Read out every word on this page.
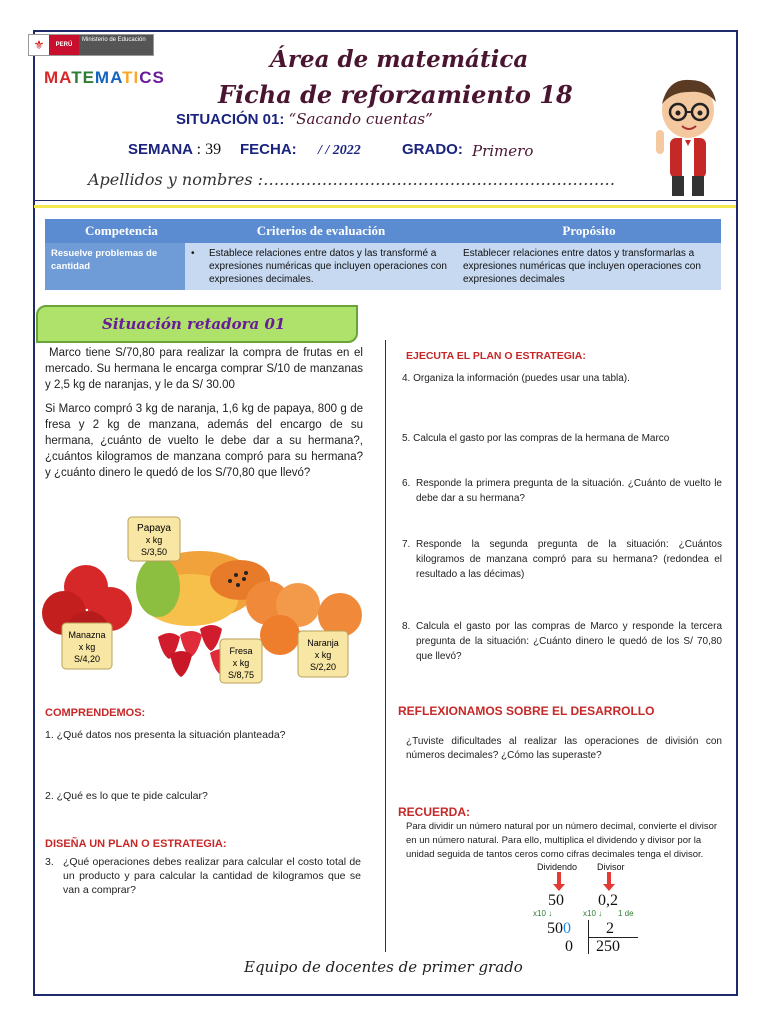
⚜	PERÚ
Ministerio de Educación
MATEMATICS
Área de matemática
Ficha de reforzamiento 18
SITUACIÓN 01: “Sacando cuentas”
SEMANA : 39 FECHA: / / 2022	GRADO: Primero
Apellidos y nombres :…………………………………………………………
Competencia	Criterios de evaluación	Propósito
Resuelve problemas de cantidad	• Establece relaciones entre datos y las transformé a expresiones numéricas que incluyen operaciones con expresiones decimales.	Establecer relaciones entre datos y transformarlas a expresiones numéricas que incluyen operaciones con expresiones decimales
Situación retadora 01
Marco tiene S/70,80 para realizar la compra de frutas en el mercado. Su hermana le encarga comprar S/10 de manzanas y 2,5 kg de naranjas, y le da S/ 30.00
Si Marco compró 3 kg de naranja, 1,6 kg de papaya, 800 g de fresa y 2 kg de manzana, además del encargo de su hermana, ¿cuánto de vuelto le debe dar a su hermana?, ¿cuántos kilogramos de manzana compró para su hermana? y ¿cuánto dinero le quedó de los S/70,80 que llevó?
Papaya
x kg
S/3,50
Manazna
x kg
S/4,20
Fresa
x kg
S/8,75
Naranja
x kg
S/2,20
COMPRENDEMOS:
1. ¿Qué datos nos presenta la situación planteada?
2. ¿Qué es lo que te pide calcular?
DISEÑA UN PLAN O ESTRATEGIA:
3. ¿Qué operaciones debes realizar para calcular el costo total de un producto y para calcular la cantidad de kilogramos que se van a comprar?
EJECUTA EL PLAN O ESTRATEGIA:
4. Organiza la información (puedes usar una tabla).
5. Calcula el gasto por las compras de la hermana de Marco
6. Responde la primera pregunta de la situación. ¿Cuánto de vuelto le debe dar a su hermana?
7. Responde la segunda pregunta de la situación: ¿Cuántos kilogramos de manzana compró para su hermana? (redondea el resultado a las décimas)
8. Calcula el gasto por las compras de Marco y responde la tercera pregunta de la situación: ¿Cuánto dinero le quedó de los S/ 70,80 que llevó?
REFLEXIONAMOS SOBRE EL DESARROLLO
¿Tuviste dificultades al realizar las operaciones de división con números decimales? ¿Cómo las superaste?
RECUERDA:
Para dividir un número natural por un número decimal, convierte el divisor en un número natural. Para ello, multiplica el dividendo y divisor por la unidad seguida de tantos ceros como cifras decimales tenga el divisor.
Dividendo Divisor
50 0,2
x10 ↓	x10 ↓ 1 de
500 2
0 250
Equipo de docentes de primer grado
